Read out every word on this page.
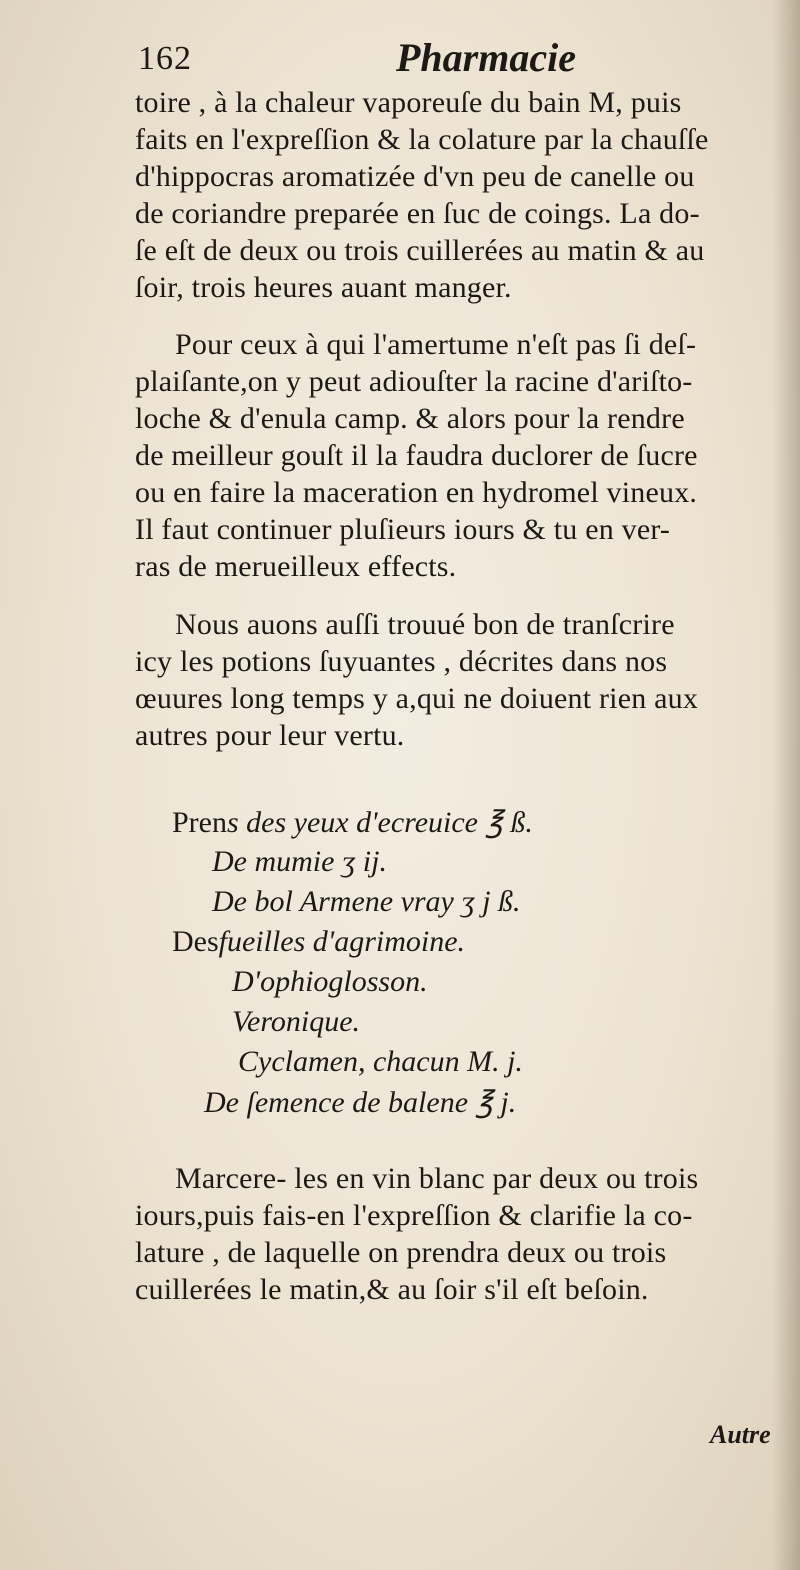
162	Pharmacie
toire , à la chaleur vaporeuſe du bain M, puis
faits en l'expreſſion & la colature par la chauſſe
d'hippocras aromatizée d'vn peu de canelle ou
de coriandre preparée en ſuc de coings. La do-
ſe eſt de deux ou trois cuillerées au matin & au
ſoir, trois heures auant manger.
Pour ceux à qui l'amertume n'eſt pas ſi deſ-
plaiſante,on y peut adiouſter la racine d'ariſto-
loche & d'enula camp. & alors pour la rendre
de meilleur gouſt il la faudra duclorer de ſucre
ou en faire la maceration en hydromel vineux.
Il faut continuer pluſieurs iours & tu en ver-
ras de merueilleux effects.
Nous auons auſſi trouué bon de tranſcrire
icy les potions ſuyuantes , décrites dans nos
œuures long temps y a,qui ne doiuent rien aux
autres pour leur vertu.
Prens des yeux d'ecreuice ℥ ß.
De mumie ʒ ij.
De bol Armene vray ʒ j ß.
Desfueilles d'agrimoine.
D'ophioglosson.
Veronique.
Cyclamen, chacun M. j.
De ſemence de balene ℥ j.
Marcere- les en vin blanc par deux ou trois
iours,puis fais-en l'expreſſion & clarifie la co-
lature , de laquelle on prendra deux ou trois
cuillerées le matin,& au ſoir s'il eſt beſoin.
Autre
